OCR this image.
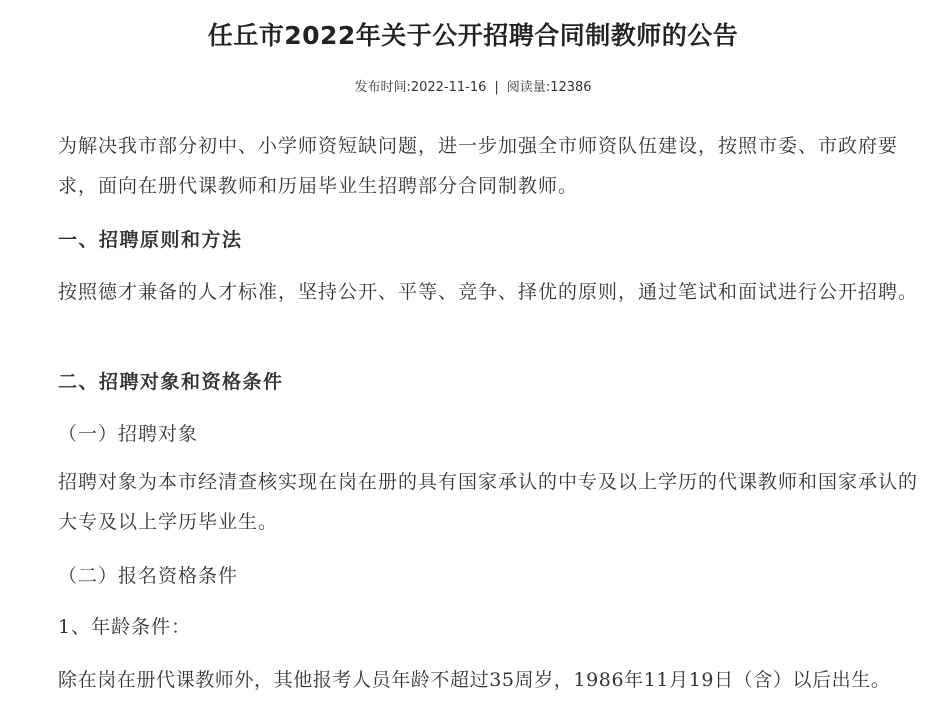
任丘市2022年关于公开招聘合同制教师的公告
发布时间:2022-11-16 | 阅读量:12386
为解决我市部分初中、小学师资短缺问题，进一步加强全市师资队伍建设，按照市委、市政府要求，面向在册代课教师和历届毕业生招聘部分合同制教师。
一、招聘原则和方法
按照德才兼备的人才标准，坚持公开、平等、竞争、择优的原则，通过笔试和面试进行公开招聘。
二、招聘对象和资格条件
（一）招聘对象
招聘对象为本市经清查核实现在岗在册的具有国家承认的中专及以上学历的代课教师和国家承认的大专及以上学历毕业生。
（二）报名资格条件
1、年龄条件：
除在岗在册代课教师外，其他报考人员年龄不超过35周岁，1986年11月19日（含）以后出生。
